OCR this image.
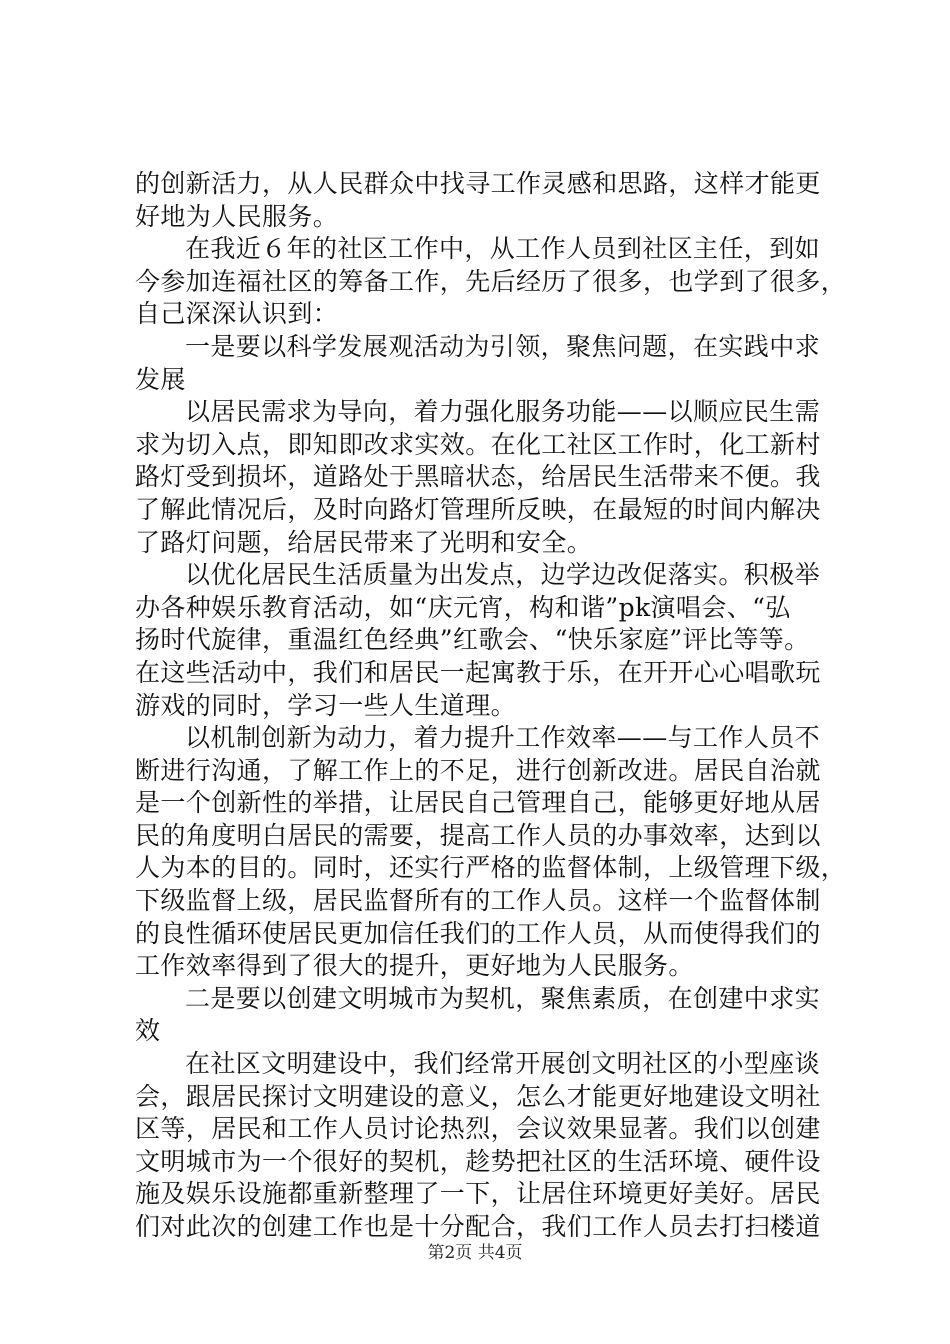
的创新活力，从人民群众中找寻工作灵感和思路，这样才能更
好地为人民服务。
在我近６年的社区工作中，从工作人员到社区主任，到如
今参加连福社区的筹备工作，先后经历了很多，也学到了很多，
自己深深认识到：
一是要以科学发展观活动为引领，聚焦问题，在实践中求
发展
以居民需求为导向，着力强化服务功能——以顺应民生需
求为切入点，即知即改求实效。在化工社区工作时，化工新村
路灯受到损坏，道路处于黑暗状态，给居民生活带来不便。我
了解此情况后，及时向路灯管理所反映，在最短的时间内解决
了路灯问题，给居民带来了光明和安全。
以优化居民生活质量为出发点，边学边改促落实。积极举
办各种娱乐教育活动，如“庆元宵，构和谐”pk演唱会、“弘
扬时代旋律，重温红色经典”红歌会、“快乐家庭”评比等等。
在这些活动中，我们和居民一起寓教于乐，在开开心心唱歌玩
游戏的同时，学习一些人生道理。
以机制创新为动力，着力提升工作效率——与工作人员不
断进行沟通，了解工作上的不足，进行创新改进。居民自治就
是一个创新性的举措，让居民自己管理自己，能够更好地从居
民的角度明白居民的需要，提高工作人员的办事效率，达到以
人为本的目的。同时，还实行严格的监督体制，上级管理下级，
下级监督上级，居民监督所有的工作人员。这样一个监督体制
的良性循环使居民更加信任我们的工作人员，从而使得我们的
工作效率得到了很大的提升，更好地为人民服务。
二是要以创建文明城市为契机，聚焦素质，在创建中求实
效
在社区文明建设中，我们经常开展创文明社区的小型座谈
会，跟居民探讨文明建设的意义，怎么才能更好地建设文明社
区等，居民和工作人员讨论热烈，会议效果显著。我们以创建
文明城市为一个很好的契机，趁势把社区的生活环境、硬件设
施及娱乐设施都重新整理了一下，让居住环境更好美好。居民
们对此次的创建工作也是十分配合，我们工作人员去打扫楼道
第2页 共4页
